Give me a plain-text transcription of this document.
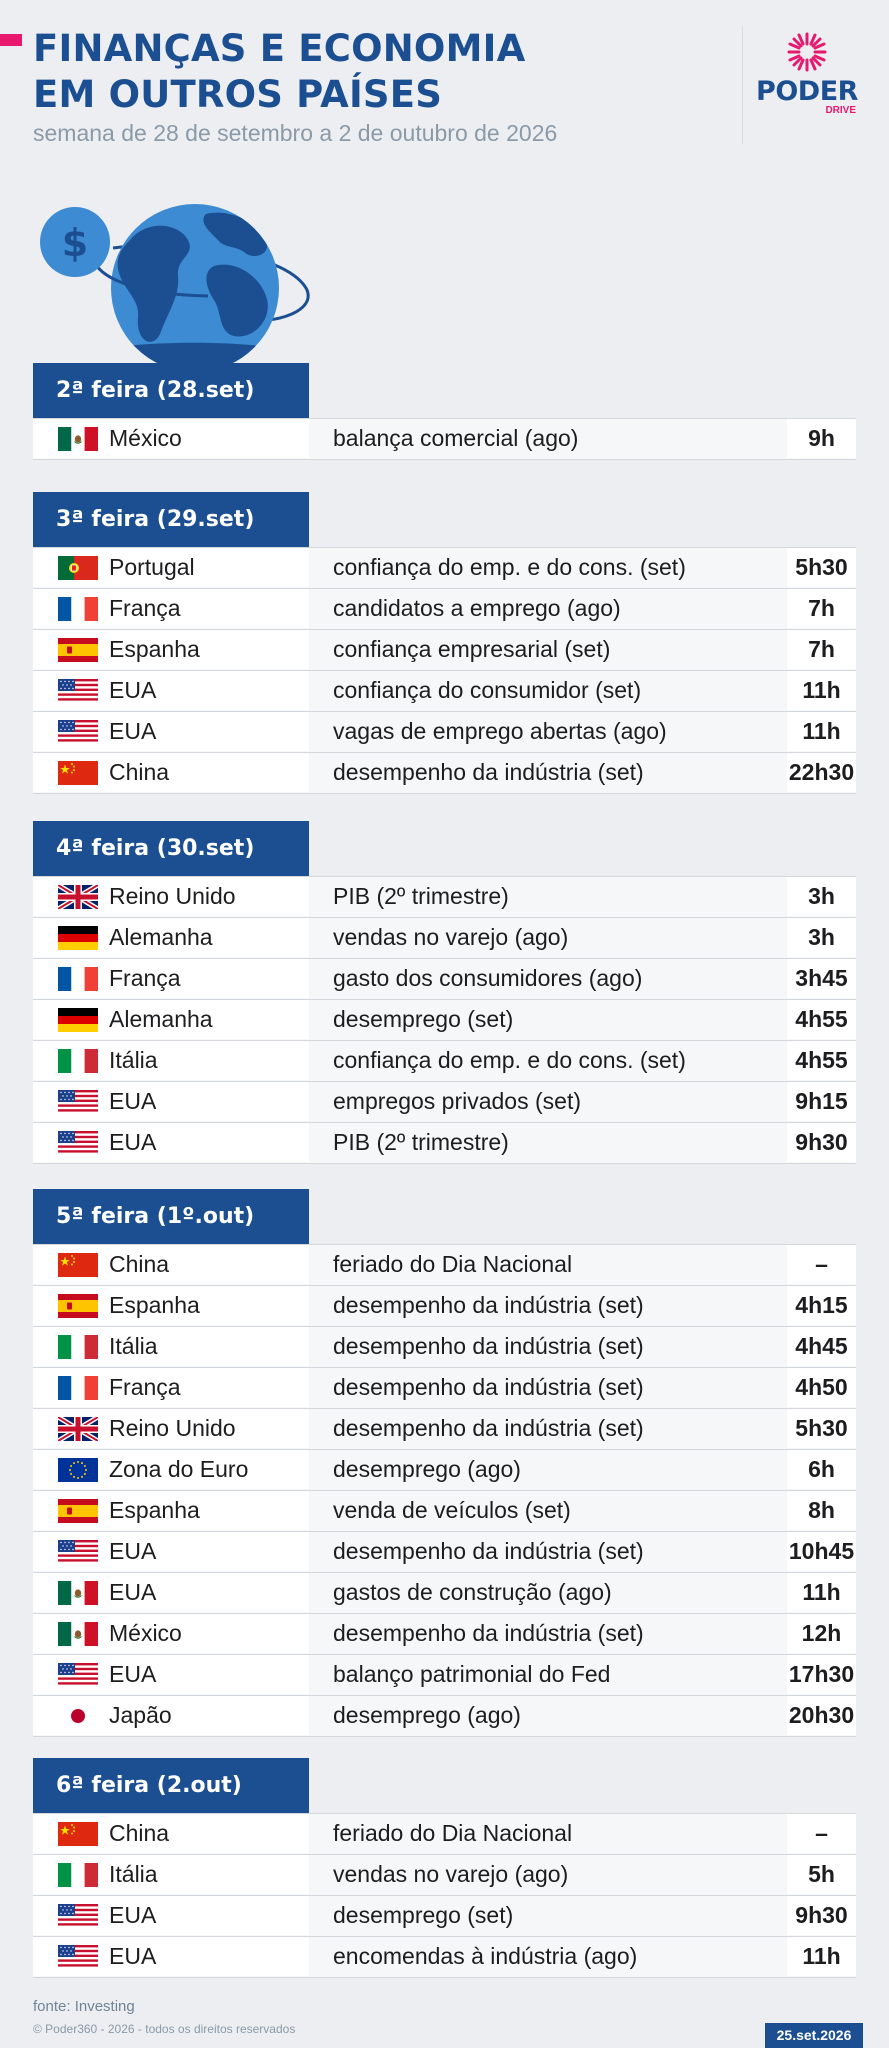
FINANÇAS E ECONOMIA
EM OUTROS PAÍSES
semana de 28 de setembro a 2 de outubro de 2026
PODER
DRIVE
$
2ª feira (28.set)
México	balança comercial (ago)	9h
3ª feira (29.set)
Portugal	confiança do emp. e do cons. (set)	5h30
França	candidatos a emprego (ago)	7h
Espanha	confiança empresarial (set)	7h
EUA	confiança do consumidor (set)	11h
EUA	vagas de emprego abertas (ago)	11h
China	desempenho da indústria (set)	22h30
4ª feira (30.set)
Reino Unido	PIB (2º trimestre)	3h
Alemanha	vendas no varejo (ago)	3h
França	gasto dos consumidores (ago)	3h45
Alemanha	desemprego (set)	4h55
Itália	confiança do emp. e do cons. (set)	4h55
EUA	empregos privados (set)	9h15
EUA	PIB (2º trimestre)	9h30
5ª feira (1º.out)
China	feriado do Dia Nacional	–
Espanha	desempenho da indústria (set)	4h15
Itália	desempenho da indústria (set)	4h45
França	desempenho da indústria (set)	4h50
Reino Unido	desempenho da indústria (set)	5h30
Zona do Euro	desemprego (ago)	6h
Espanha	venda de veículos (set)	8h
EUA	desempenho da indústria (set)	10h45
EUA	gastos de construção (ago)	11h
México	desempenho da indústria (set)	12h
EUA	balanço patrimonial do Fed	17h30
Japão	desemprego (ago)	20h30
6ª feira (2.out)
China	feriado do Dia Nacional	–
Itália	vendas no varejo (ago)	5h
EUA	desemprego (set)	9h30
EUA	encomendas à indústria (ago)	11h
fonte: Investing
© Poder360 - 2026 - todos os direitos reservados	25.set.2026
